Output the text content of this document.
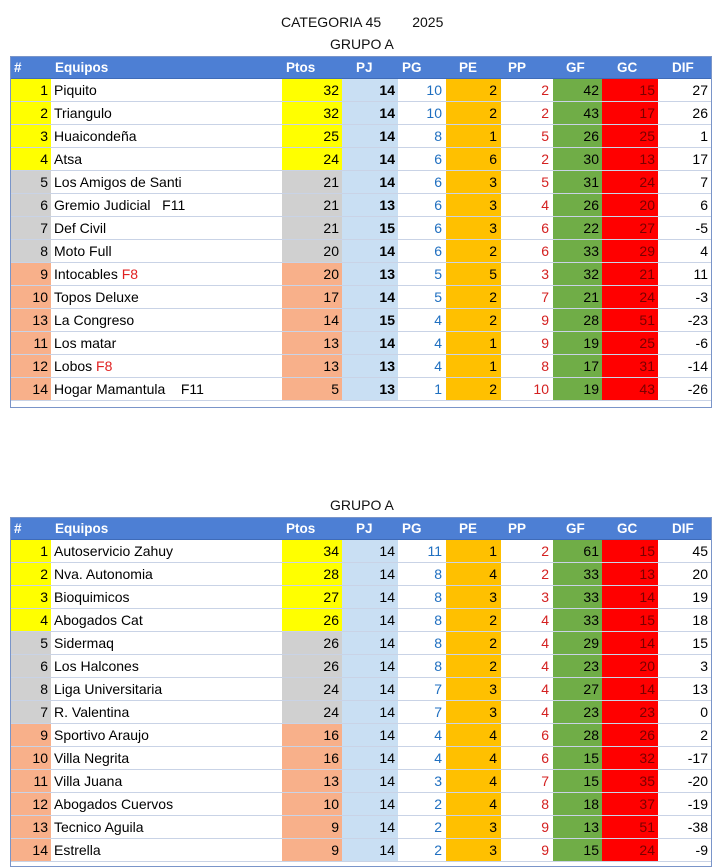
CATEGORIA 45        2025
GRUPO A
#	Equipos	Ptos	PJ	PG	PE	PP	GF	GC	DIF
1 Piquito	32	14	10	2	2	42	15	27
2 Triangulo	32	14	10	2	2	43	17	26
3 Huaicondeña	25	14	8	1	5	26	25	1
4 Atsa	24	14	6	6	2	30	13	17
5 Los Amigos de Santi	21	14	6	3	5	31	24	7
6 Gremio Judicial   F11	21	13	6	3	4	26	20	6
7 Def Civil	21	15	6	3	6	22	27	-5
8 Moto Full	20	14	6	2	6	33	29	4
9 Intocables F8	20	13	5	5	3	32	21	11
10 Topos Deluxe	17	14	5	2	7	21	24	-3
13 La Congreso	14	15	4	2	9	28	51	-23
11 Los matar	13	14	4	1	9	19	25	-6
12 Lobos F8	13	13	4	1	8	17	31	-14
14 Hogar Mamantula    F11	5	13	1	2	10	19	43	-26
GRUPO A
#	Equipos	Ptos	PJ	PG	PE	PP	GF	GC	DIF
1 Autoservicio Zahuy	34	14	11	1	2	61	15	45
2 Nva. Autonomia	28	14	8	4	2	33	13	20
3 Bioquimicos	27	14	8	3	3	33	14	19
4 Abogados Cat	26	14	8	2	4	33	15	18
5 Sidermaq	26	14	8	2	4	29	14	15
6 Los Halcones	26	14	8	2	4	23	20	3
8 Liga Universitaria	24	14	7	3	4	27	14	13
7 R. Valentina	24	14	7	3	4	23	23	0
9 Sportivo Araujo	16	14	4	4	6	28	26	2
10 Villa Negrita	16	14	4	4	6	15	32	-17
11 Villa Juana	13	14	3	4	7	15	35	-20
12 Abogados Cuervos	10	14	2	4	8	18	37	-19
13 Tecnico Aguila	9	14	2	3	9	13	51	-38
14 Estrella	9	14	2	3	9	15	24	-9
